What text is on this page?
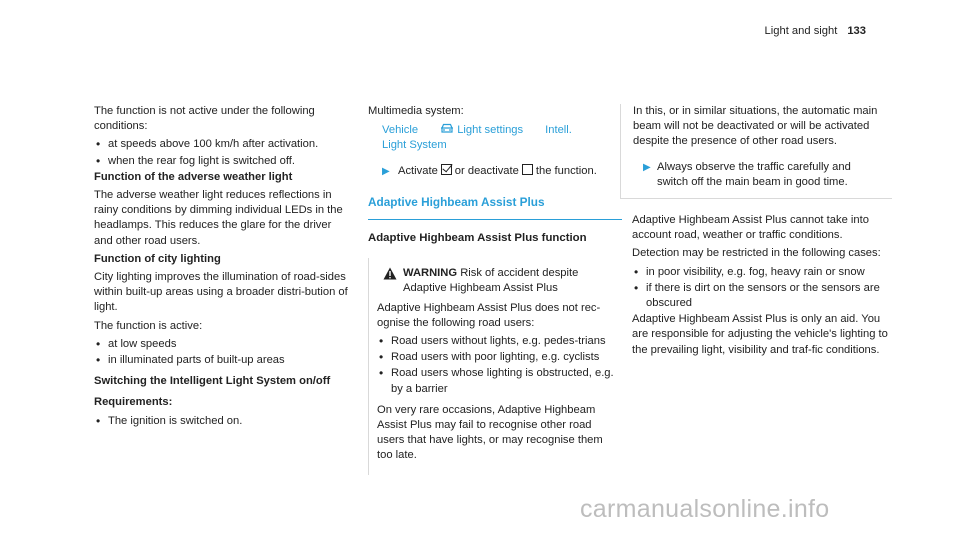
Light and sight 133

The function is not active under the following conditions:

• at speeds above 100 km/h after activation.
• when the rear fog light is switched off.

Function of the adverse weather light

The adverse weather light reduces reflections in rainy conditions by dimming individual LEDs in the headlamps. This reduces the glare for the driver and other road users.

Function of city lighting

City lighting improves the illumination of road-sides within built-up areas using a broader distri-bution of light.

The function is active:

• at low speeds
• in illuminated parts of built-up areas

Switching the Intelligent Light System on/off

Requirements:

• The ignition is switched on.

Multimedia system:

Vehicle	Light settings Intell.
Light System
▶ Activate or deactivate the function.
Adaptive Highbeam Assist Plus
Adaptive Highbeam Assist Plus function
WARNING Risk of accident despite Adaptive Highbeam Assist Plus

Adaptive Highbeam Assist Plus does not rec-ognise the following road users:

• Road users without lights, e.g. pedes-trians
• Road users with poor lighting, e.g. cyclists
• Road users whose lighting is obstructed, e.g. by a barrier

On very rare occasions, Adaptive Highbeam Assist Plus may fail to recognise other road users that have lights, or may recognise them too late.

In this, or in similar situations, the automatic main beam will not be deactivated or will be activated despite the presence of other road users.

▶ Always observe the traffic carefully and switch off the main beam in good time.

Adaptive Highbeam Assist Plus cannot take into account road, weather or traffic conditions.

Detection may be restricted in the following cases:

• in poor visibility, e.g. fog, heavy rain or snow
• if there is dirt on the sensors or the sensors are obscured

Adaptive Highbeam Assist Plus is only an aid. You are responsible for adjusting the vehicle's lighting to the prevailing light, visibility and traf-fic conditions.

carmanualsonline.info
